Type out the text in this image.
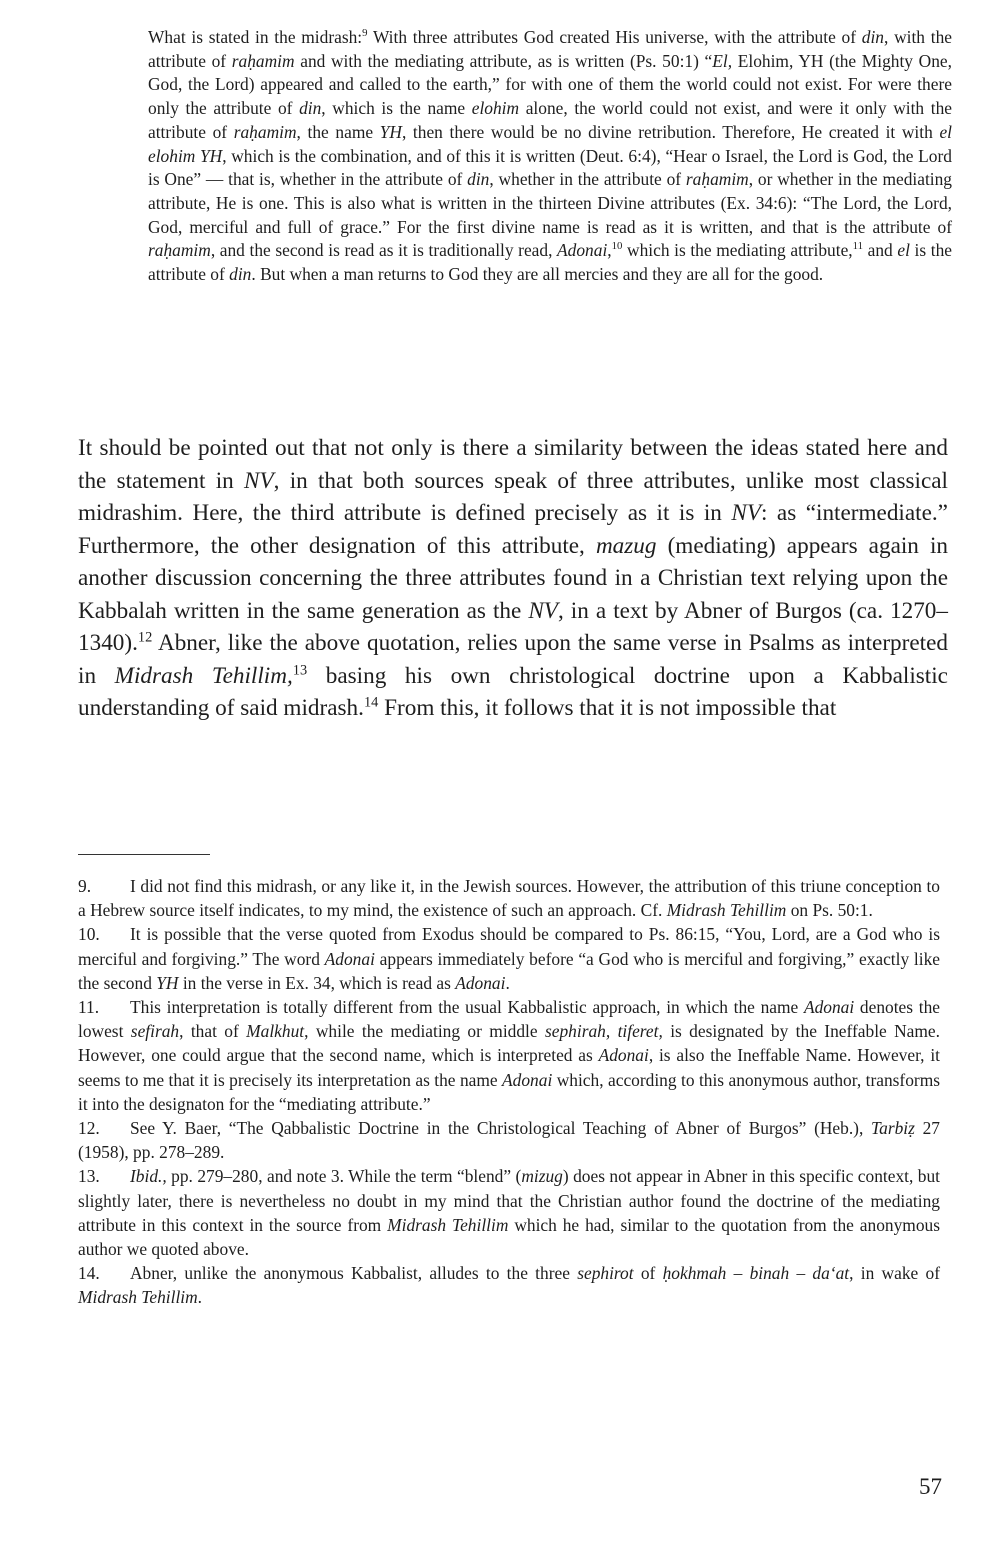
What is stated in the midrash:$^9$ With three attributes God created His universe, with the attribute of din, with the attribute of raḥamim and with the mediating attribute, as is written (Ps. 50:1) “El, Elohim, YH (the Mighty One, God, the Lord) appeared and called to the earth,” for with one of them the world could not exist. For were there only the attribute of din, which is the name elohim alone, the world could not exist, and were it only with the attribute of raḥamim, the name YH, then there would be no divine retribution. Therefore, He created it with el elohim YH, which is the combination, and of this it is written (Deut. 6:4), “Hear o Israel, the Lord is God, the Lord is One” — that is, whether in the attribute of din, whether in the attribute of raḥamim, or whether in the mediating attribute, He is one. This is also what is written in the thirteen Divine attributes (Ex. 34:6): “The Lord, the Lord, God, merciful and full of grace.” For the first divine name is read as it is written, and that is the attribute of raḥamim, and the second is read as it is traditionally read, Adonai,$^{10}$ which is the mediating attribute,$^{11}$ and el is the attribute of din. But when a man returns to God they are all mercies and they are all for the good.

It should be pointed out that not only is there a similarity between the ideas stated here and the statement in NV, in that both sources speak of three attributes, unlike most classical midrashim. Here, the third attribute is defined precisely as it is in NV: as “intermediate.” Furthermore, the other designation of this attribute, mazug (mediating) appears again in another discussion concerning the three attributes found in a Christian text relying upon the Kabbalah written in the same generation as the NV, in a text by Abner of Burgos (ca. 1270–1340).$^{12}$ Abner, like the above quotation, relies upon the same verse in Psalms as interpreted in Midrash Tehillim,$^{13}$ basing his own christological doctrine upon a Kabbalistic understanding of said midrash.$^{14}$ From this, it follows that it is not impossible that

9. I did not find this midrash, or any like it, in the Jewish sources. However, the attribution of this triune conception to a Hebrew source itself indicates, to my mind, the existence of such an approach. Cf. Midrash Tehillim on Ps. 50:1.

10. It is possible that the verse quoted from Exodus should be compared to Ps. 86:15, “You, Lord, are a God who is merciful and forgiving.” The word Adonai appears immediately before “a God who is merciful and forgiving,” exactly like the second YH in the verse in Ex. 34, which is read as Adonai.

11. This interpretation is totally different from the usual Kabbalistic approach, in which the name Adonai denotes the lowest sefirah, that of Malkhut, while the mediating or middle sephirah, tiferet, is designated by the Ineffable Name. However, one could argue that the second name, which is interpreted as Adonai, is also the Ineffable Name. However, it seems to me that it is precisely its interpretation as the name Adonai which, according to this anonymous author, transforms it into the designaton for the “mediating attribute.”

12. See Y. Baer, “The Qabbalistic Doctrine in the Christological Teaching of Abner of Burgos” (Heb.), Tarbiẓ 27 (1958), pp. 278–289.

13. Ibid., pp. 279–280, and note 3. While the term “blend” (mizug) does not appear in Abner in this specific context, but slightly later, there is nevertheless no doubt in my mind that the Christian author found the doctrine of the mediating attribute in this context in the source from Midrash Tehillim which he had, similar to the quotation from the anonymous author we quoted above.

14. Abner, unlike the anonymous Kabbalist, alludes to the three sephirot of ḥokhmah – binah – da‘at, in wake of Midrash Tehillim.

57
